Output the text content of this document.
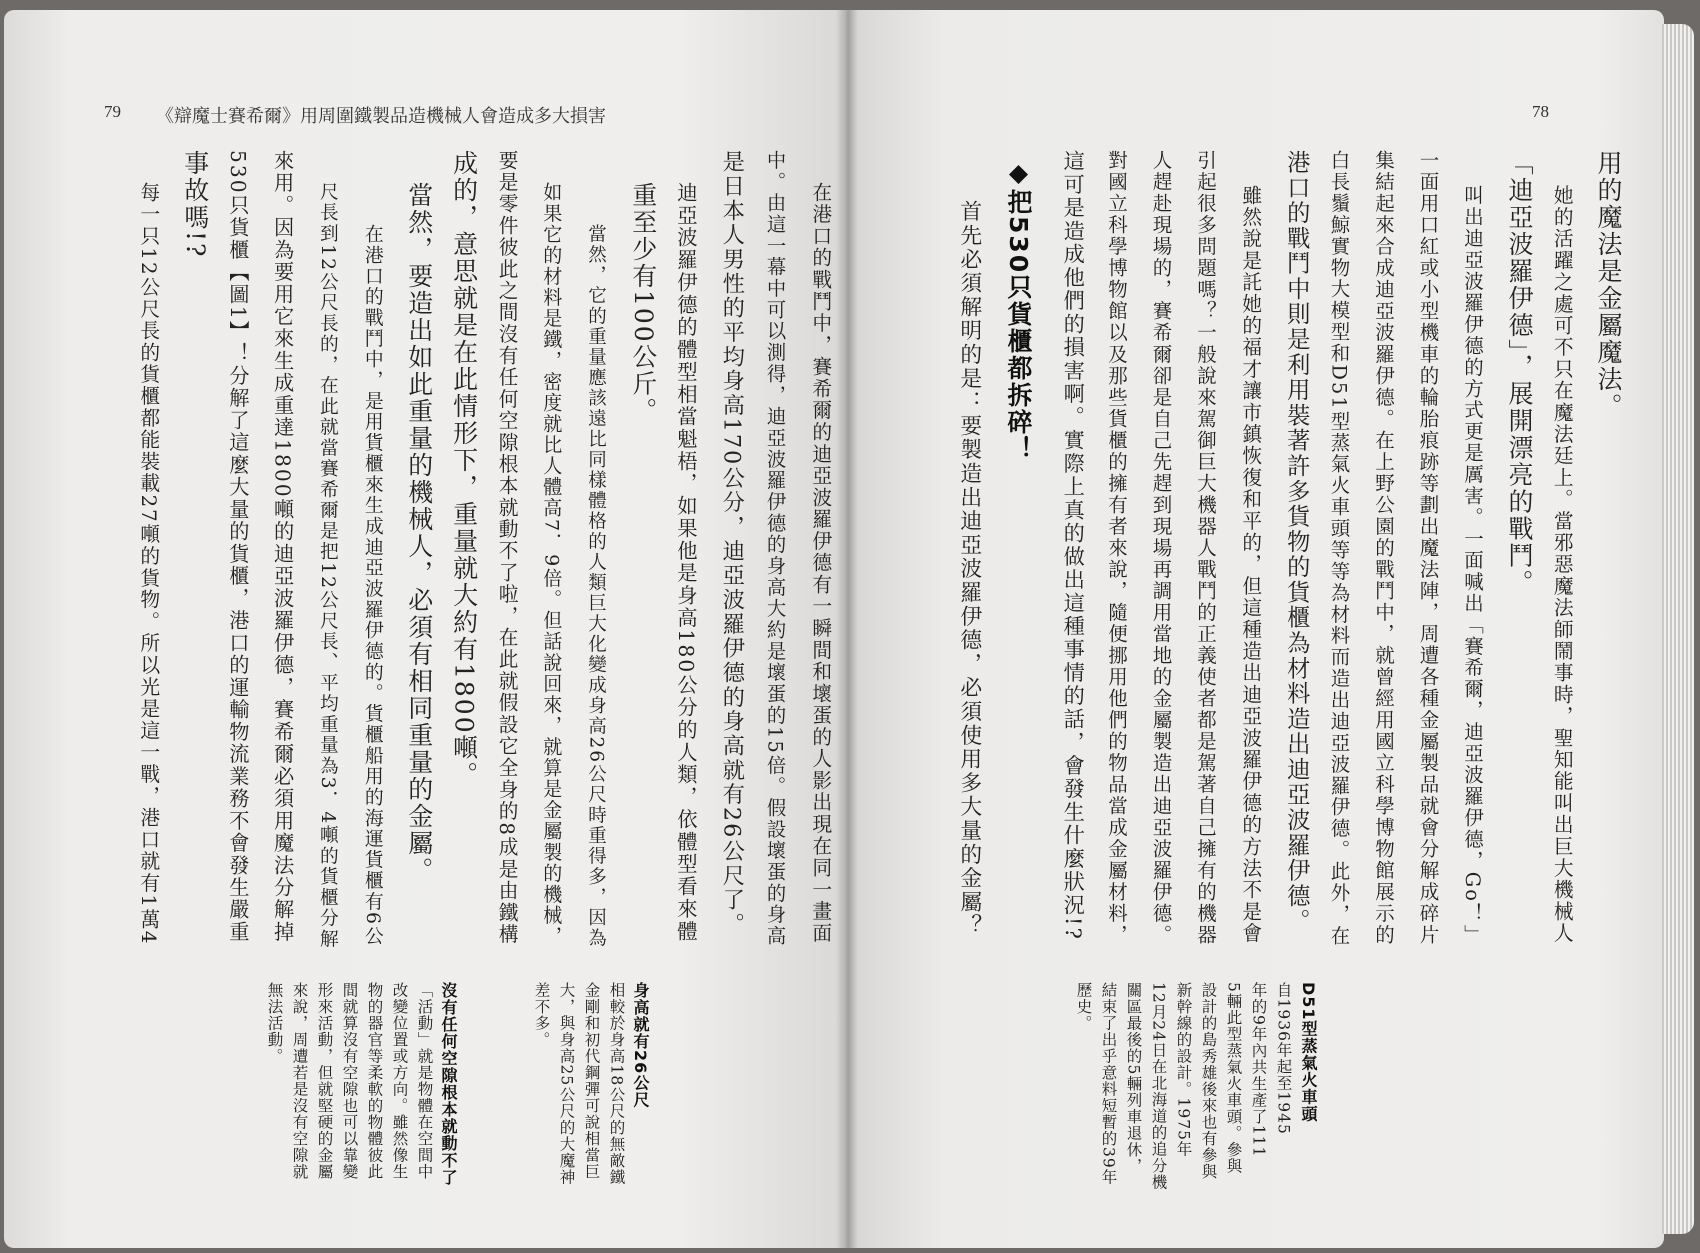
79 《辯魔士賽希爾》用周圍鐵製品造機械人會造成多大損害	78
用的魔法是金屬魔法。
她的活躍之處可不只在魔法廷上。當邪惡魔法師鬧事時，聖知能叫出巨大機械人
「迪亞波羅伊德」，展開漂亮的戰鬥。
叫出迪亞波羅伊德的方式更是厲害。一面喊出「賽希爾，迪亞波羅伊德，Go！」
一面用口紅或小型機車的輪胎痕跡等劃出魔法陣，周遭各種金屬製品就會分解成碎片
集結起來合成迪亞波羅伊德。在上野公園的戰鬥中，就曾經用國立科學博物館展示的
白長鬚鯨實物大模型和D51型蒸氣火車頭等等為材料而造出迪亞波羅伊德。此外，在
港口的戰鬥中則是利用裝著許多貨物的貨櫃為材料造出迪亞波羅伊德。
雖然說是託她的福才讓市鎮恢復和平的，但這種造出迪亞波羅伊德的方法不是會
引起很多問題嗎？一般說來駕御巨大機器人戰鬥的正義使者都是駕著自己擁有的機器
人趕赴現場的，賽希爾卻是自己先趕到現場再調用當地的金屬製造出迪亞波羅伊德。
對國立科學博物館以及那些貨櫃的擁有者來說，隨便挪用他們的物品當成金屬材料，
這可是造成他們的損害啊。實際上真的做出這種事情的話，會發生什麼狀況!?
◆把530只貨櫃都拆碎！
首先必須解明的是：要製造出迪亞波羅伊德，必須使用多大量的金屬？
D51型蒸氣火車頭
自1936年起至1945
年的9年內共生產了111
5輛此型蒸氣火車頭。參與
設計的島秀雄後來也有參與
新幹線的設計。1975年
12月24日在北海道的追分機
關區最後的5輛列車退休，
結束了出乎意料短暫的39年
歷史。
在港口的戰鬥中，賽希爾的迪亞波羅伊德有一瞬間和壞蛋的人影出現在同一畫面
中。由這一幕中可以測得，迪亞波羅伊德的身高大約是壞蛋的15倍。假設壞蛋的身高
是日本人男性的平均身高170公分，迪亞波羅伊德的身高就有26公尺了。
迪亞波羅伊德的體型相當魁梧，如果他是身高180公分的人類，依體型看來體
重至少有100公斤。
當然，它的重量應該遠比同樣體格的人類巨大化變成身高26公尺時重得多，因為
如果它的材料是鐵，密度就比人體高7．9倍。但話說回來，就算是金屬製的機械，
要是零件彼此之間沒有任何空隙根本就動不了啦，在此就假設它全身的8成是由鐵構
成的，意思就是在此情形下，重量就大約有1800噸。
當然，要造出如此重量的機械人，必須有相同重量的金屬。
在港口的戰鬥中，是用貨櫃來生成迪亞波羅伊德的。貨櫃船用的海運貨櫃有6公
尺長到12公尺長的，在此就當賽希爾是把12公尺長、平均重量為3．4噸的貨櫃分解
來用。因為要用它來生成重達1800噸的迪亞波羅伊德，賽希爾必須用魔法分解掉
530只貨櫃【圖1】！分解了這麼大量的貨櫃，港口的運輸物流業務不會發生嚴重
事故嗎!?
每一只12公尺長的貨櫃都能裝載27噸的貨物。所以光是這一戰，港口就有1萬4
身高就有26公尺
相較於身高18公尺的無敵鐵
金剛和初代鋼彈可說相當巨
大，與身高25公尺的大魔神
差不多。
沒有任何空隙根本就動不了
「活動」就是物體在空間中
改變位置或方向。雖然像生
物的器官等柔軟的物體彼此
間就算沒有空隙也可以靠變
形來活動，但就堅硬的金屬
來說，周遭若是沒有空隙就
無法活動。
